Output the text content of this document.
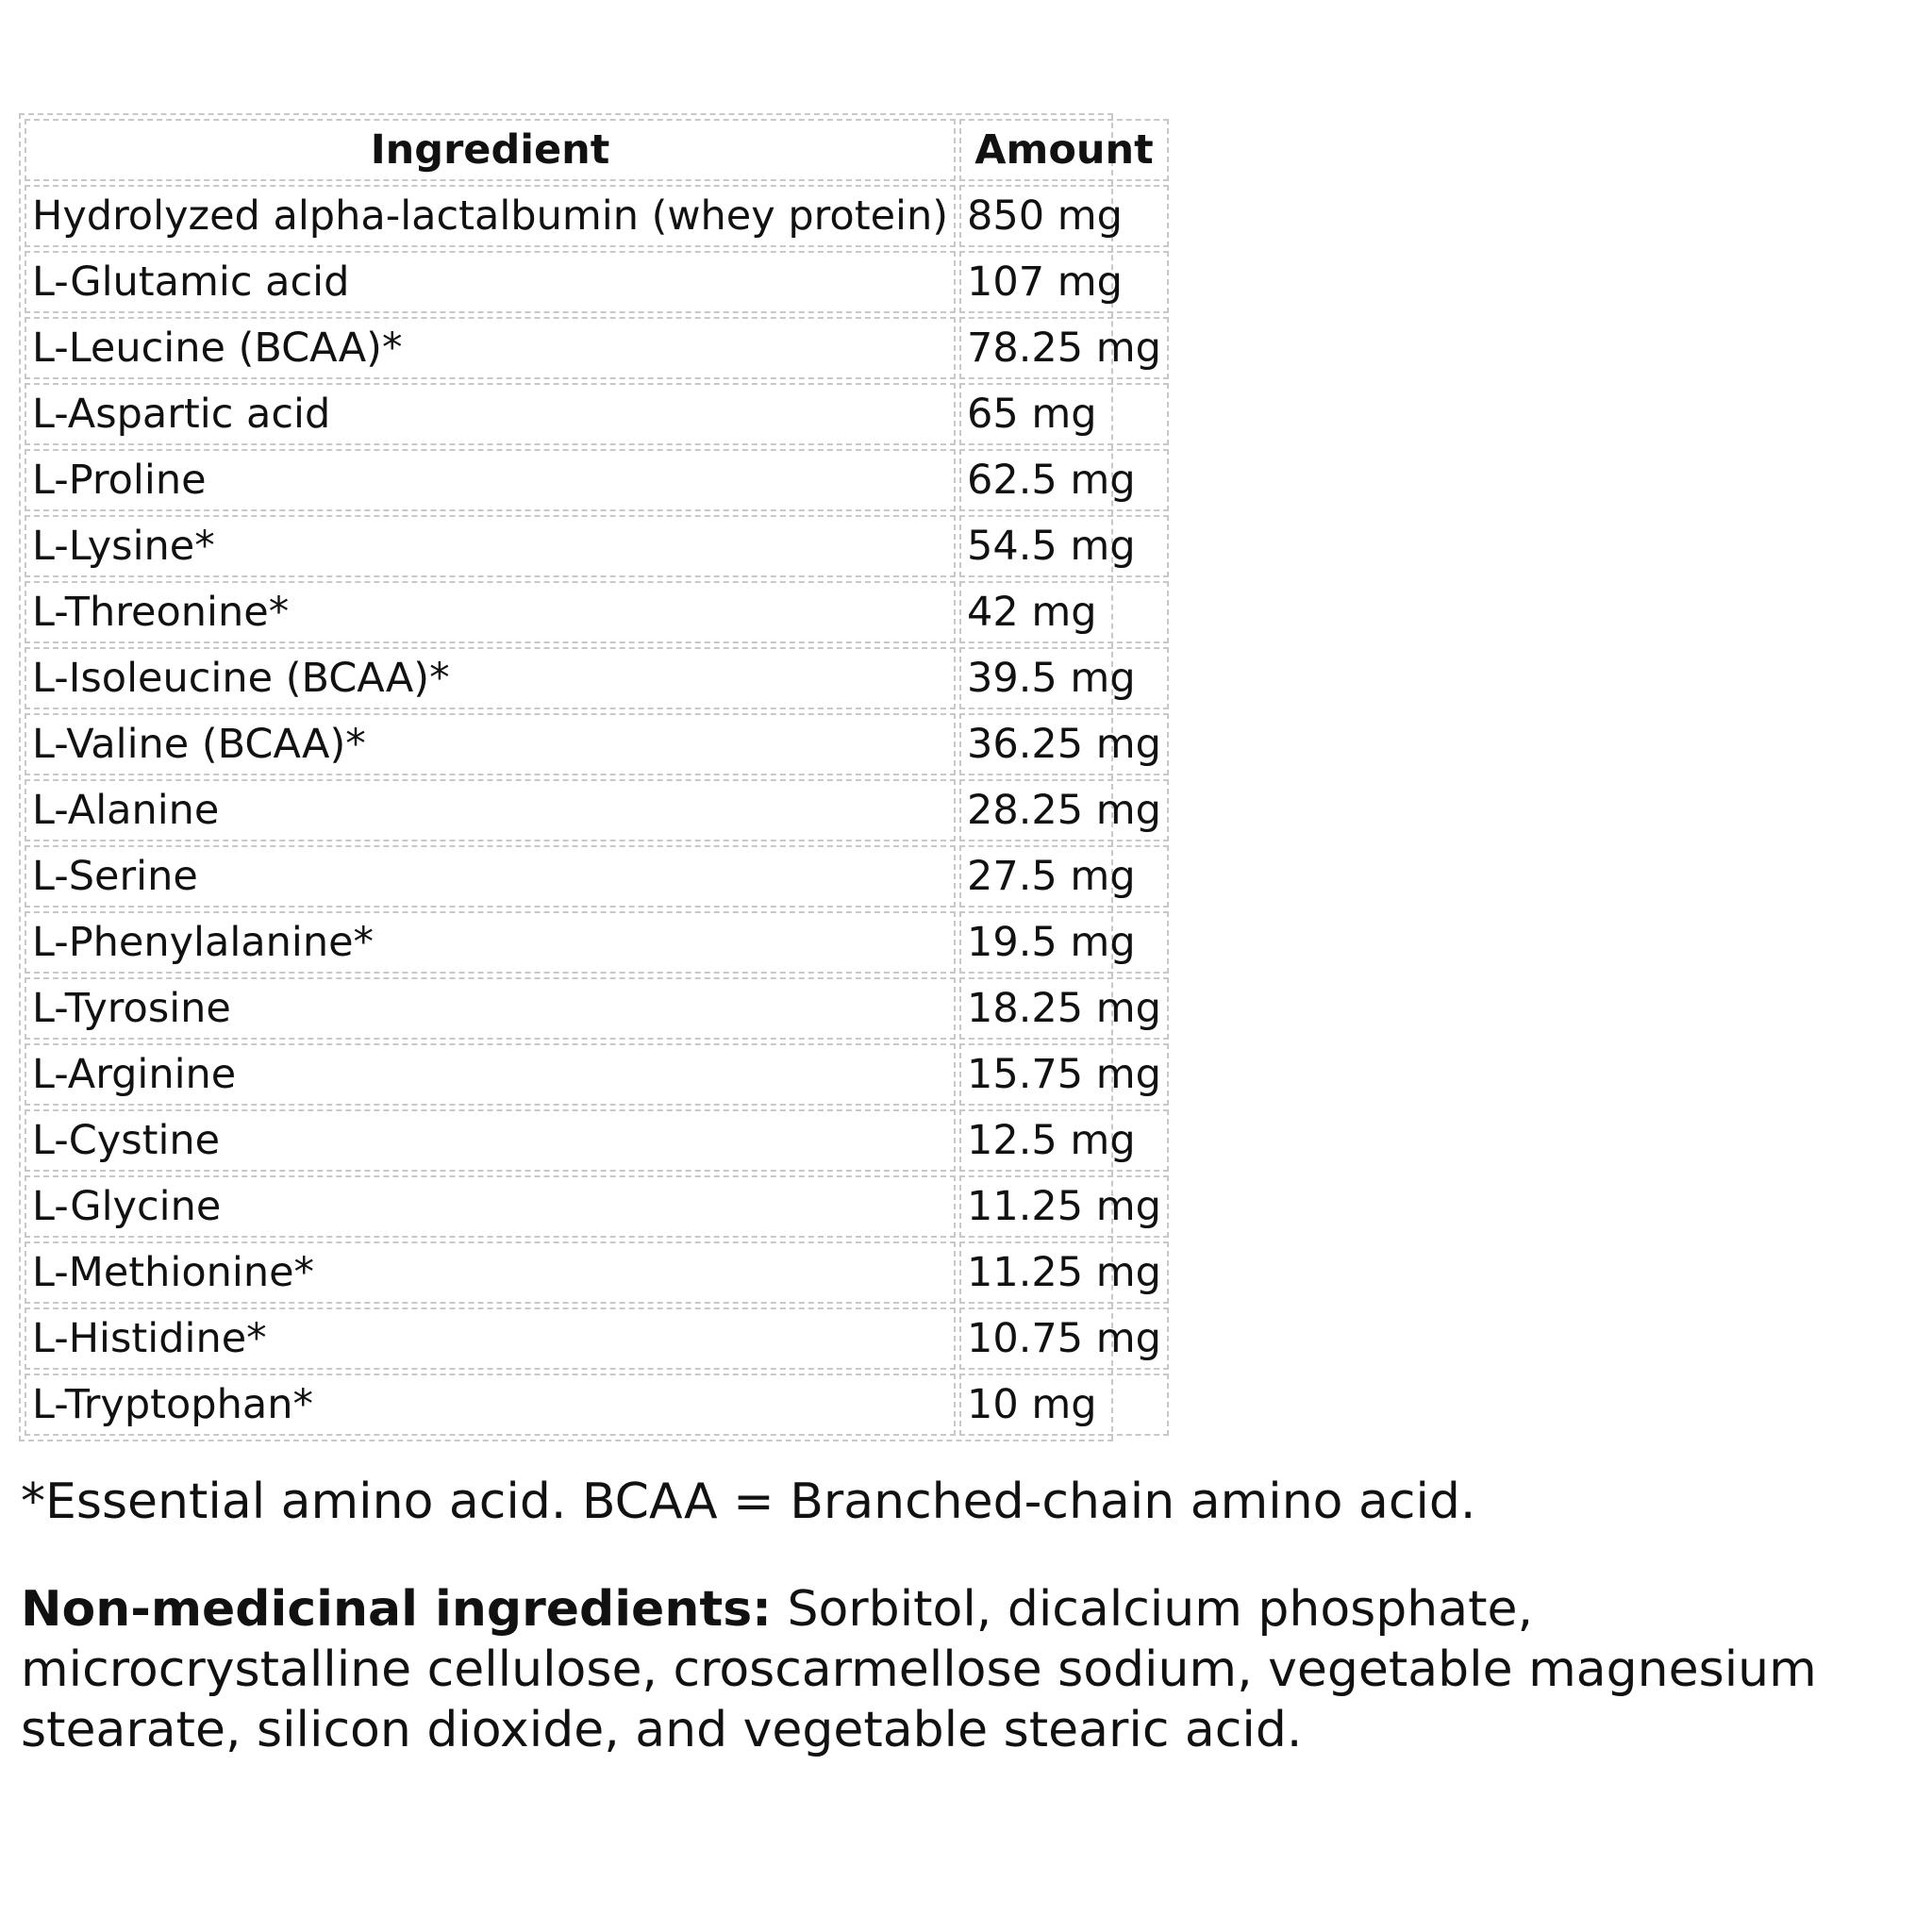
Ingredient	Amount
Hydrolyzed alpha-lactalbumin (whey protein)	850 mg
L-Glutamic acid	107 mg
L-Leucine (BCAA)*	78.25 mg
L-Aspartic acid	65 mg
L-Proline	62.5 mg
L-Lysine*	54.5 mg
L-Threonine*	42 mg
L-Isoleucine (BCAA)*	39.5 mg
L-Valine (BCAA)*	36.25 mg
L-Alanine	28.25 mg
L-Serine	27.5 mg
L-Phenylalanine*	19.5 mg
L-Tyrosine	18.25 mg
L-Arginine	15.75 mg
L-Cystine	12.5 mg
L-Glycine	11.25 mg
L-Methionine*	11.25 mg
L-Histidine*	10.75 mg
L-Tryptophan*	10 mg

*Essential amino acid. BCAA = Branched-chain amino acid.

Non-medicinal ingredients: Sorbitol, dicalcium phosphate, microcrystalline cellulose, croscarmellose sodium, vegetable magnesium stearate, silicon dioxide, and vegetable stearic acid.
